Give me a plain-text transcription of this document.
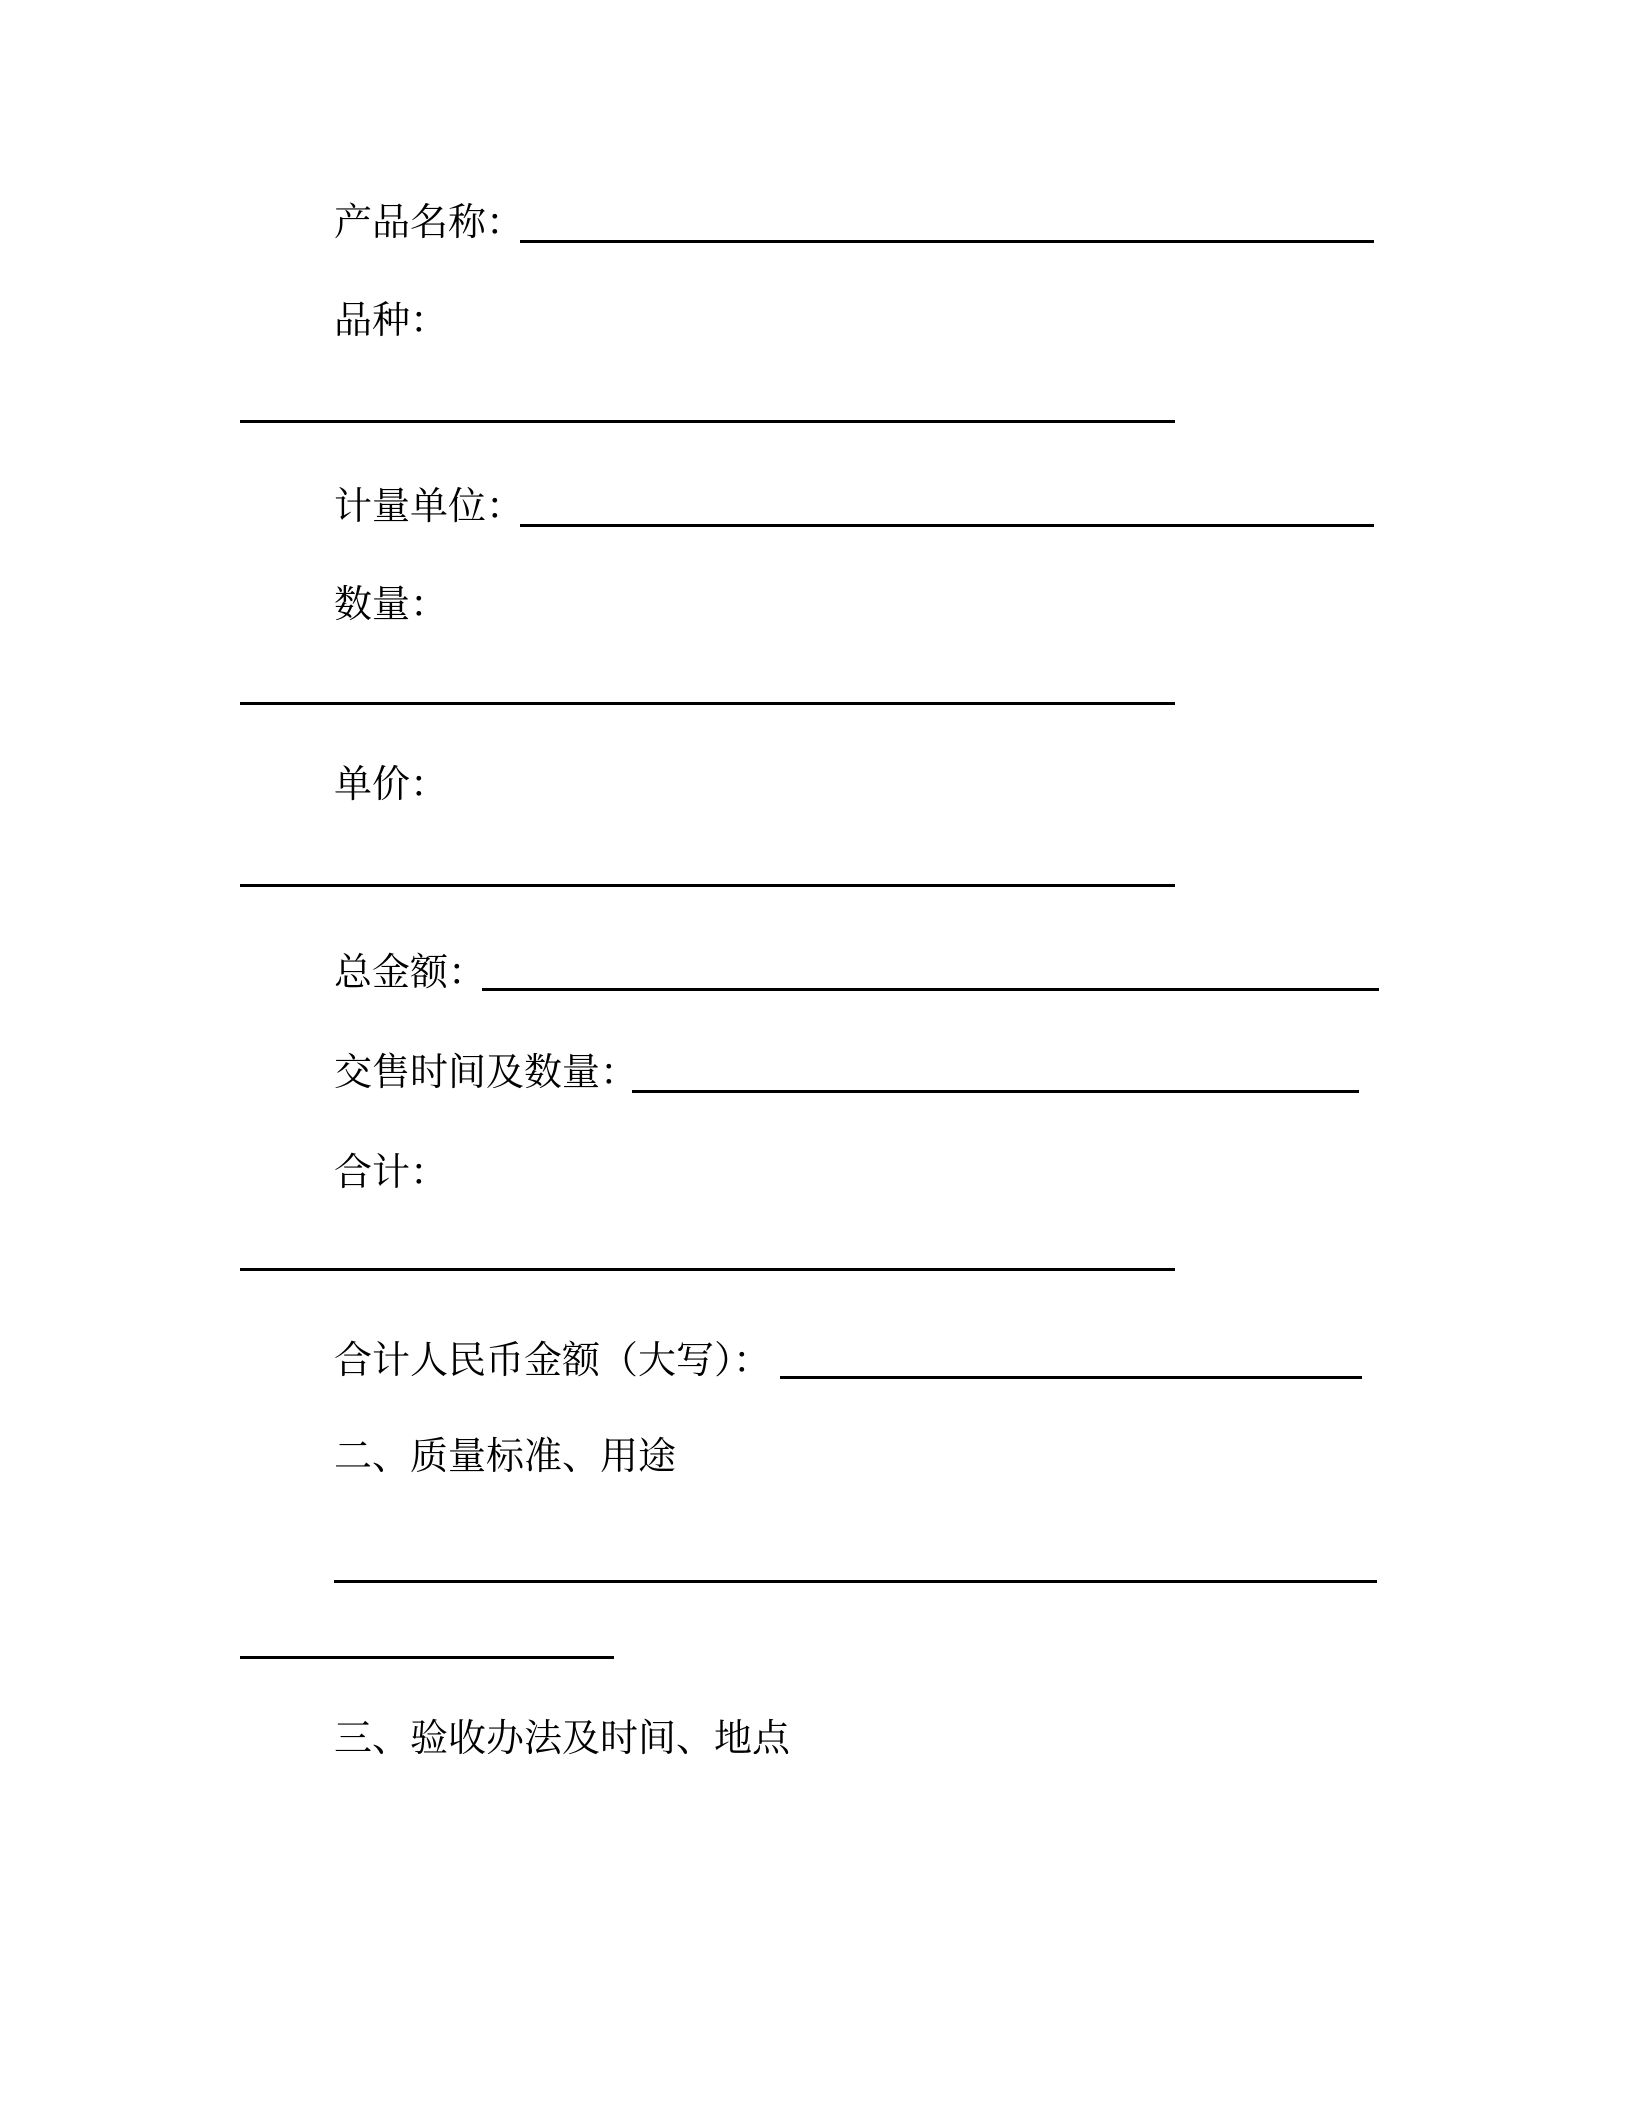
产品名称：
品种：
计量单位：
数量：
单价：
总金额：
交售时间及数量：
合计：
合计人民币金额（大写）：
二、质量标准、用途
三、验收办法及时间、地点
